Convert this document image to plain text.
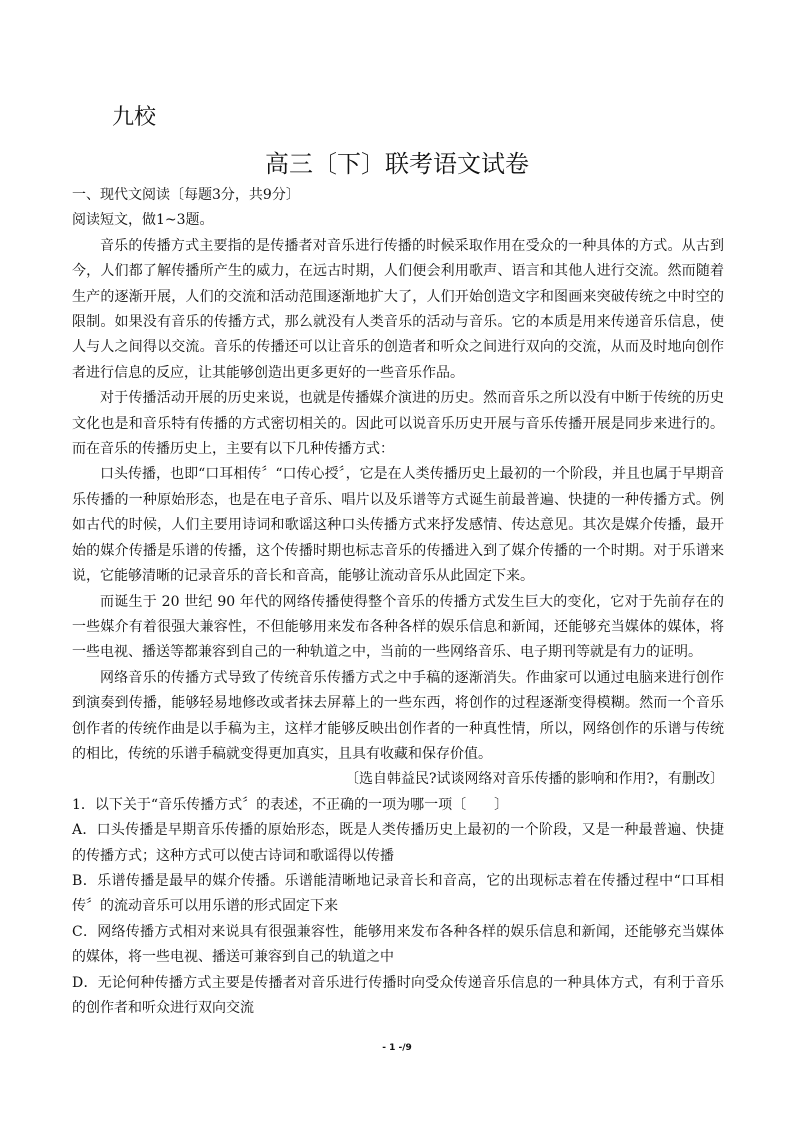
九校
高三〔下〕联考语文试卷

一、现代文阅读〔每题3分，共9分〕

阅读短文，做1~3题。

音乐的传播方式主要指的是传播者对音乐进行传播的时候采取作用在受众的一种具体的方式。从古到今，人们都了解传播所产生的威力，在远古时期，人们便会利用歌声、语言和其他人进行交流。然而随着生产的逐渐开展，人们的交流和活动范围逐渐地扩大了，人们开始创造文字和图画来突破传统之中时空的限制。如果没有音乐的传播方式，那么就没有人类音乐的活动与音乐。它的本质是用来传递音乐信息，使人与人之间得以交流。音乐的传播还可以让音乐的创造者和听众之间进行双向的交流，从而及时地向创作者进行信息的反应，让其能够创造出更多更好的一些音乐作品。

对于传播活动开展的历史来说，也就是传播媒介演进的历史。然而音乐之所以没有中断于传统的历史文化也是和音乐特有传播的方式密切相关的。因此可以说音乐历史开展与音乐传播开展是同步来进行的。而在音乐的传播历史上，主要有以下几种传播方式：

口头传播，也即“口耳相传〞“口传心授〞，它是在人类传播历史上最初的一个阶段，并且也属于早期音乐传播的一种原始形态，也是在电子音乐、唱片以及乐谱等方式诞生前最普遍、快捷的一种传播方式。例如古代的时候，人们主要用诗词和歌谣这种口头传播方式来抒发感情、传达意见。其次是媒介传播，最开始的媒介传播是乐谱的传播，这个传播时期也标志音乐的传播进入到了媒介传播的一个时期。对于乐谱来说，它能够清晰的记录音乐的音长和音高，能够让流动音乐从此固定下来。

而诞生于 20 世纪 90 年代的网络传播使得整个音乐的传播方式发生巨大的变化，它对于先前存在的一些媒介有着很强大兼容性，不但能够用来发布各种各样的娱乐信息和新闻，还能够充当媒体的媒体，将一些电视、播送等都兼容到自己的一种轨道之中，当前的一些网络音乐、电子期刊等就是有力的证明。

网络音乐的传播方式导致了传统音乐传播方式之中手稿的逐渐消失。作曲家可以通过电脑来进行创作到演奏到传播，能够轻易地修改或者抹去屏幕上的一些东西，将创作的过程逐渐变得模糊。然而一个音乐创作者的传统作曲是以手稿为主，这样才能够反映出创作者的一种真性情，所以，网络创作的乐谱与传统的相比，传统的乐谱手稿就变得更加真实，且具有收藏和保存价值。

〔选自韩益民?试谈网络对音乐传播的影响和作用?，有删改〕

1．以下关于“音乐传播方式〞的表述，不正确的一项为哪一项〔　　〕

A．口头传播是早期音乐传播的原始形态，既是人类传播历史上最初的一个阶段，又是一种最普遍、快捷的传播方式；这种方式可以使古诗词和歌谣得以传播

B．乐谱传播是最早的媒介传播。乐谱能清晰地记录音长和音高，它的出现标志着在传播过程中“口耳相传〞的流动音乐可以用乐谱的形式固定下来

C．网络传播方式相对来说具有很强兼容性，能够用来发布各种各样的娱乐信息和新闻，还能够充当媒体的媒体，将一些电视、播送可兼容到自己的轨道之中

D．无论何种传播方式主要是传播者对音乐进行传播时向受众传递音乐信息的一种具体方式，有利于音乐的创作者和听众进行双向交流

- 1 -/9
